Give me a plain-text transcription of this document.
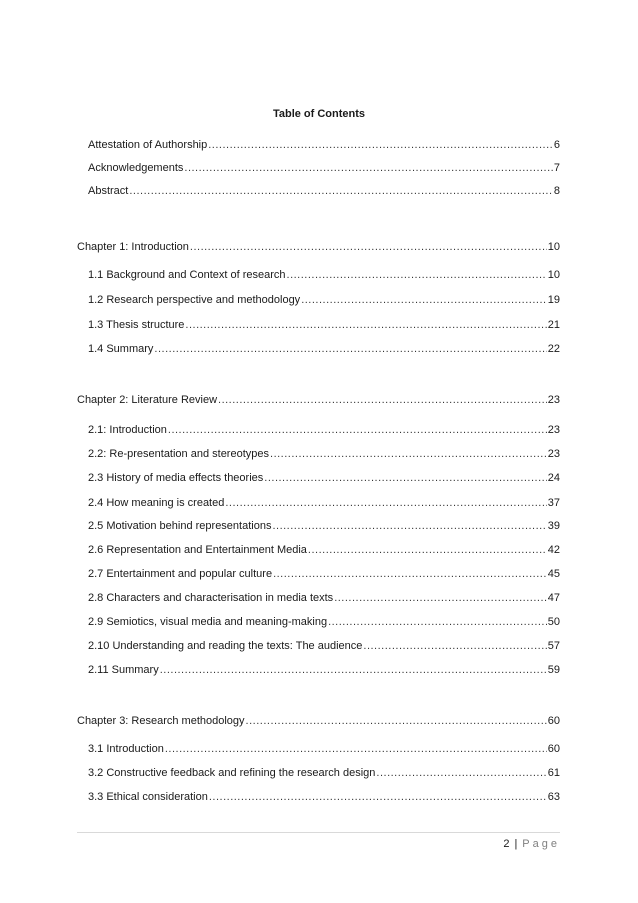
Table of Contents
Attestation of Authorship .....	6
Acknowledgements .....	7
Abstract .....	8
Chapter 1: Introduction .....	10
1.1 Background and Context of research .....	10
1.2 Research perspective and methodology .....	19
1.3 Thesis structure .....	21
1.4 Summary .....	22
Chapter 2: Literature Review .....	23
2.1: Introduction .....	23
2.2: Re-presentation and stereotypes .....	23
2.3 History of media effects theories .....	24
2.4 How meaning is created .....	37
2.5 Motivation behind representations .....	39
2.6 Representation and Entertainment Media .....	42
2.7 Entertainment and popular culture .....	45
2.8 Characters and characterisation in media texts .....	47
2.9 Semiotics, visual media and meaning-making .....	50
2.10 Understanding and reading the texts: The audience .....	57
2.11 Summary .....	59
Chapter 3: Research methodology .....	60
3.1 Introduction .....	60
3.2 Constructive feedback and refining the research design .....	61
3.3 Ethical consideration .....	63
2 | Page
